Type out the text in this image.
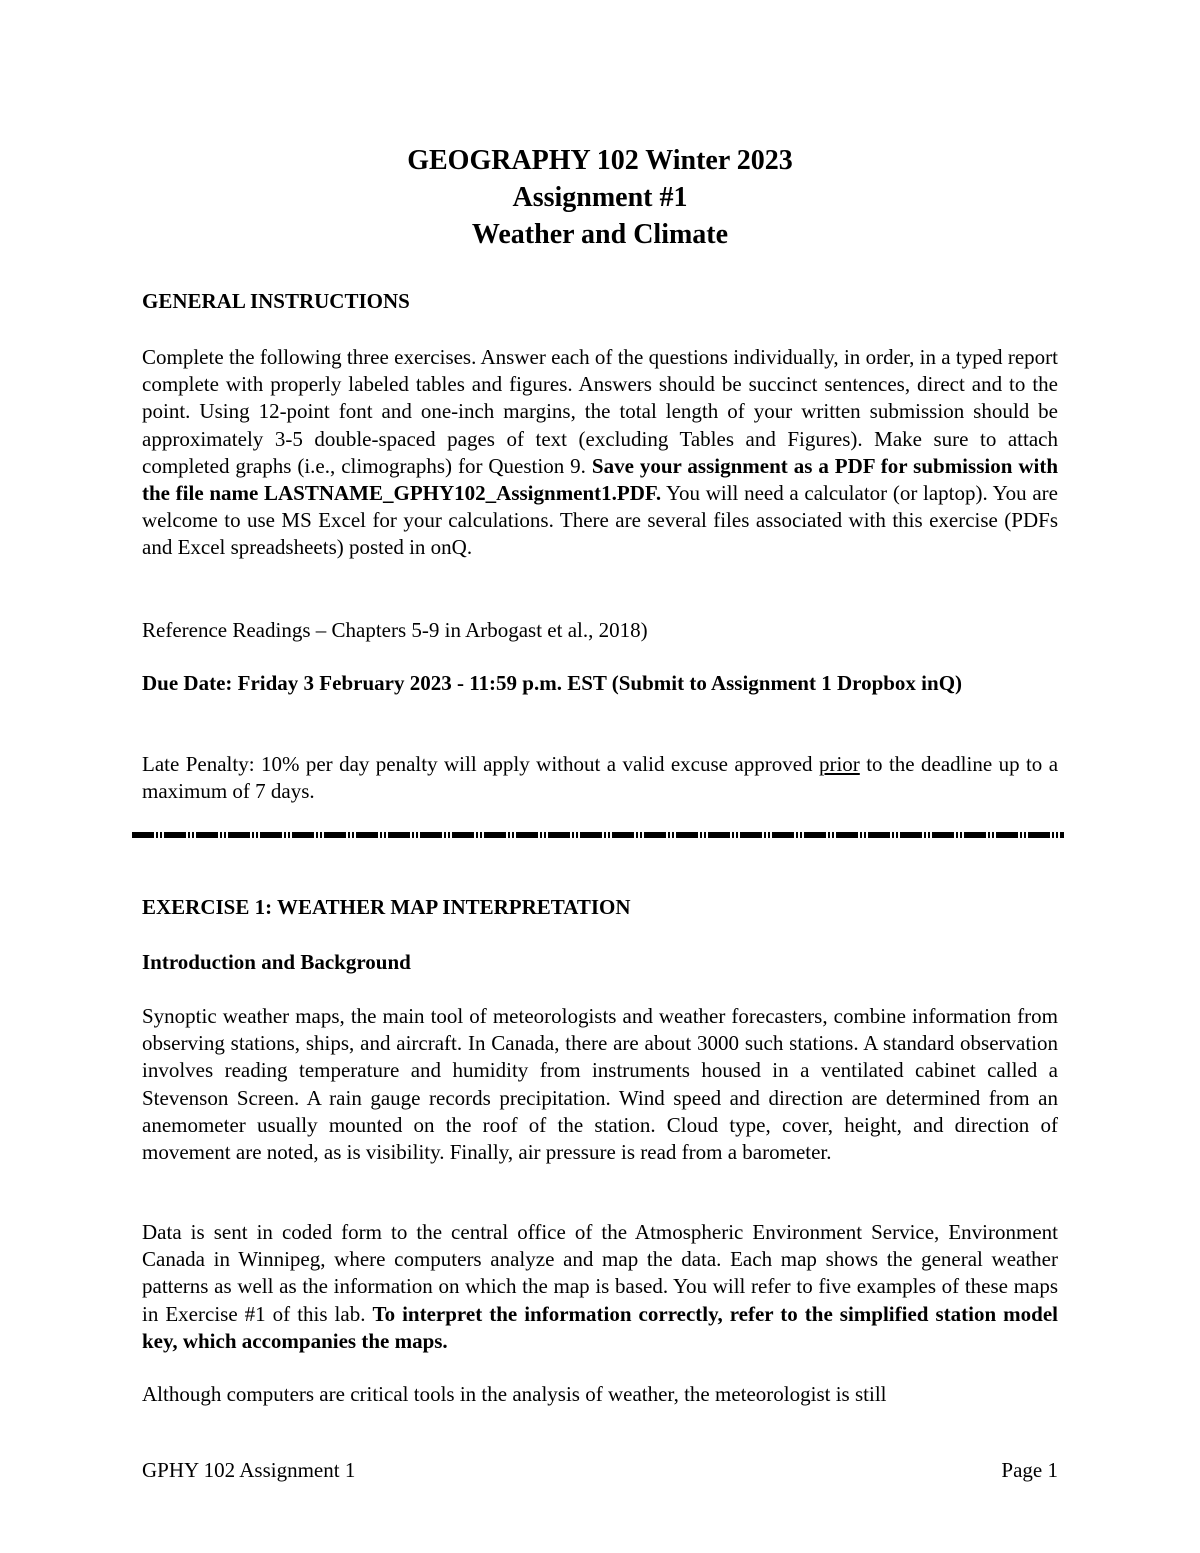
GEOGRAPHY 102 Winter 2023
Assignment #1
Weather and Climate
GENERAL INSTRUCTIONS
Complete the following three exercises. Answer each of the questions individually, in order, in a typed report complete with properly labeled tables and figures. Answers should be succinct sentences, direct and to the point. Using 12-point font and one-inch margins, the total length of your written submission should be approximately 3-5 double-spaced pages of text (excluding Tables and Figures). Make sure to attach completed graphs (i.e., climographs) for Question 9. Save your assignment as a PDF for submission with the file name LASTNAME_GPHY102_Assignment1.PDF. You will need a calculator (or laptop). You are welcome to use MS Excel for your calculations. There are several files associated with this exercise (PDFs and Excel spreadsheets) posted in onQ.
Reference Readings – Chapters 5-9 in Arbogast et al., 2018)
Due Date: Friday 3 February 2023 - 11:59 p.m. EST (Submit to Assignment 1 Dropbox inQ)
Late Penalty: 10% per day penalty will apply without a valid excuse approved prior to the deadline up to a maximum of 7 days.
EXERCISE 1: WEATHER MAP INTERPRETATION
Introduction and Background
Synoptic weather maps, the main tool of meteorologists and weather forecasters, combine information from observing stations, ships, and aircraft. In Canada, there are about 3000 such stations. A standard observation involves reading temperature and humidity from instruments housed in a ventilated cabinet called a Stevenson Screen. A rain gauge records precipitation. Wind speed and direction are determined from an anemometer usually mounted on the roof of the station. Cloud type, cover, height, and direction of movement are noted, as is visibility. Finally, air pressure is read from a barometer.
Data is sent in coded form to the central office of the Atmospheric Environment Service, Environment Canada in Winnipeg, where computers analyze and map the data. Each map shows the general weather patterns as well as the information on which the map is based. You will refer to five examples of these maps in Exercise #1 of this lab. To interpret the information correctly, refer to the simplified station model key, which accompanies the maps.
Although computers are critical tools in the analysis of weather, the meteorologist is still
GPHY 102 Assignment 1	Page 1
